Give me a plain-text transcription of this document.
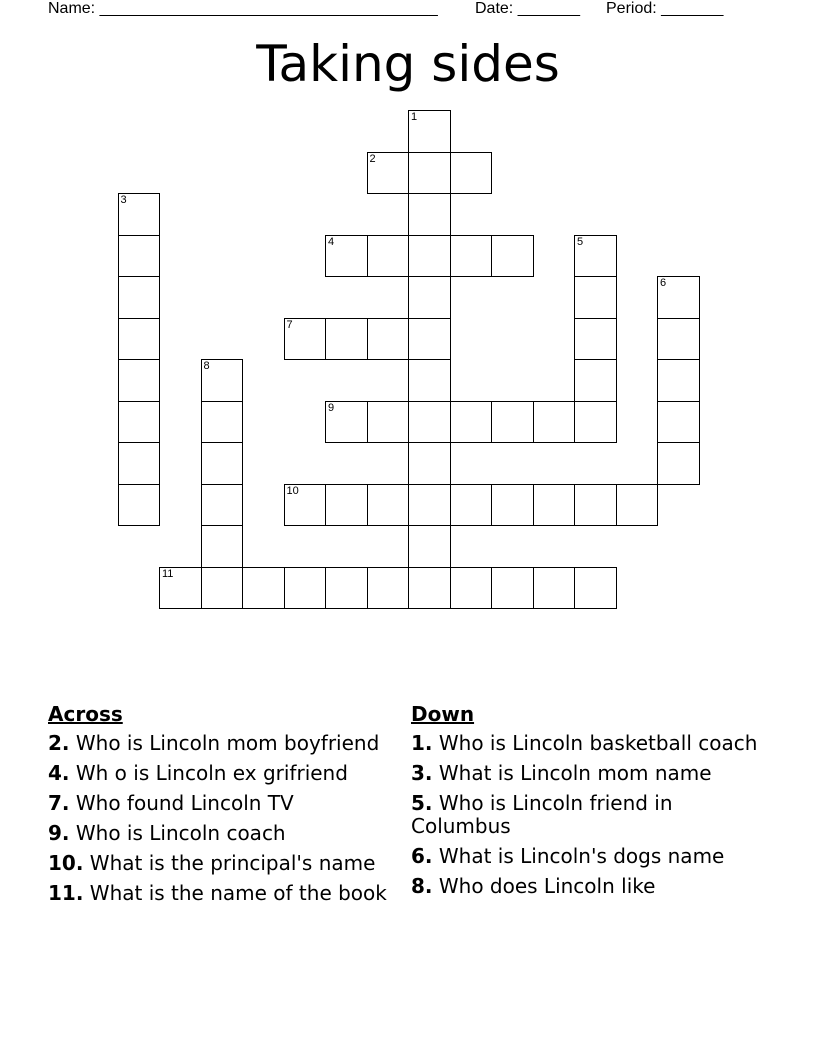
Name: ______________________________________ Date: _______ Period: _______
Taking sides
1
2
3
4	5
6
7
8
9
10
11
Across
2. Who is Lincoln mom boyfriend
4. Wh o is Lincoln ex grifriend
7. Who found Lincoln TV
9. Who is Lincoln coach
10. What is the principal's name
11. What is the name of the book
Down
1. Who is Lincoln basketball coach
3. What is Lincoln mom name
5. Who is Lincoln friend in Columbus
6. What is Lincoln's dogs name
8. Who does Lincoln like
